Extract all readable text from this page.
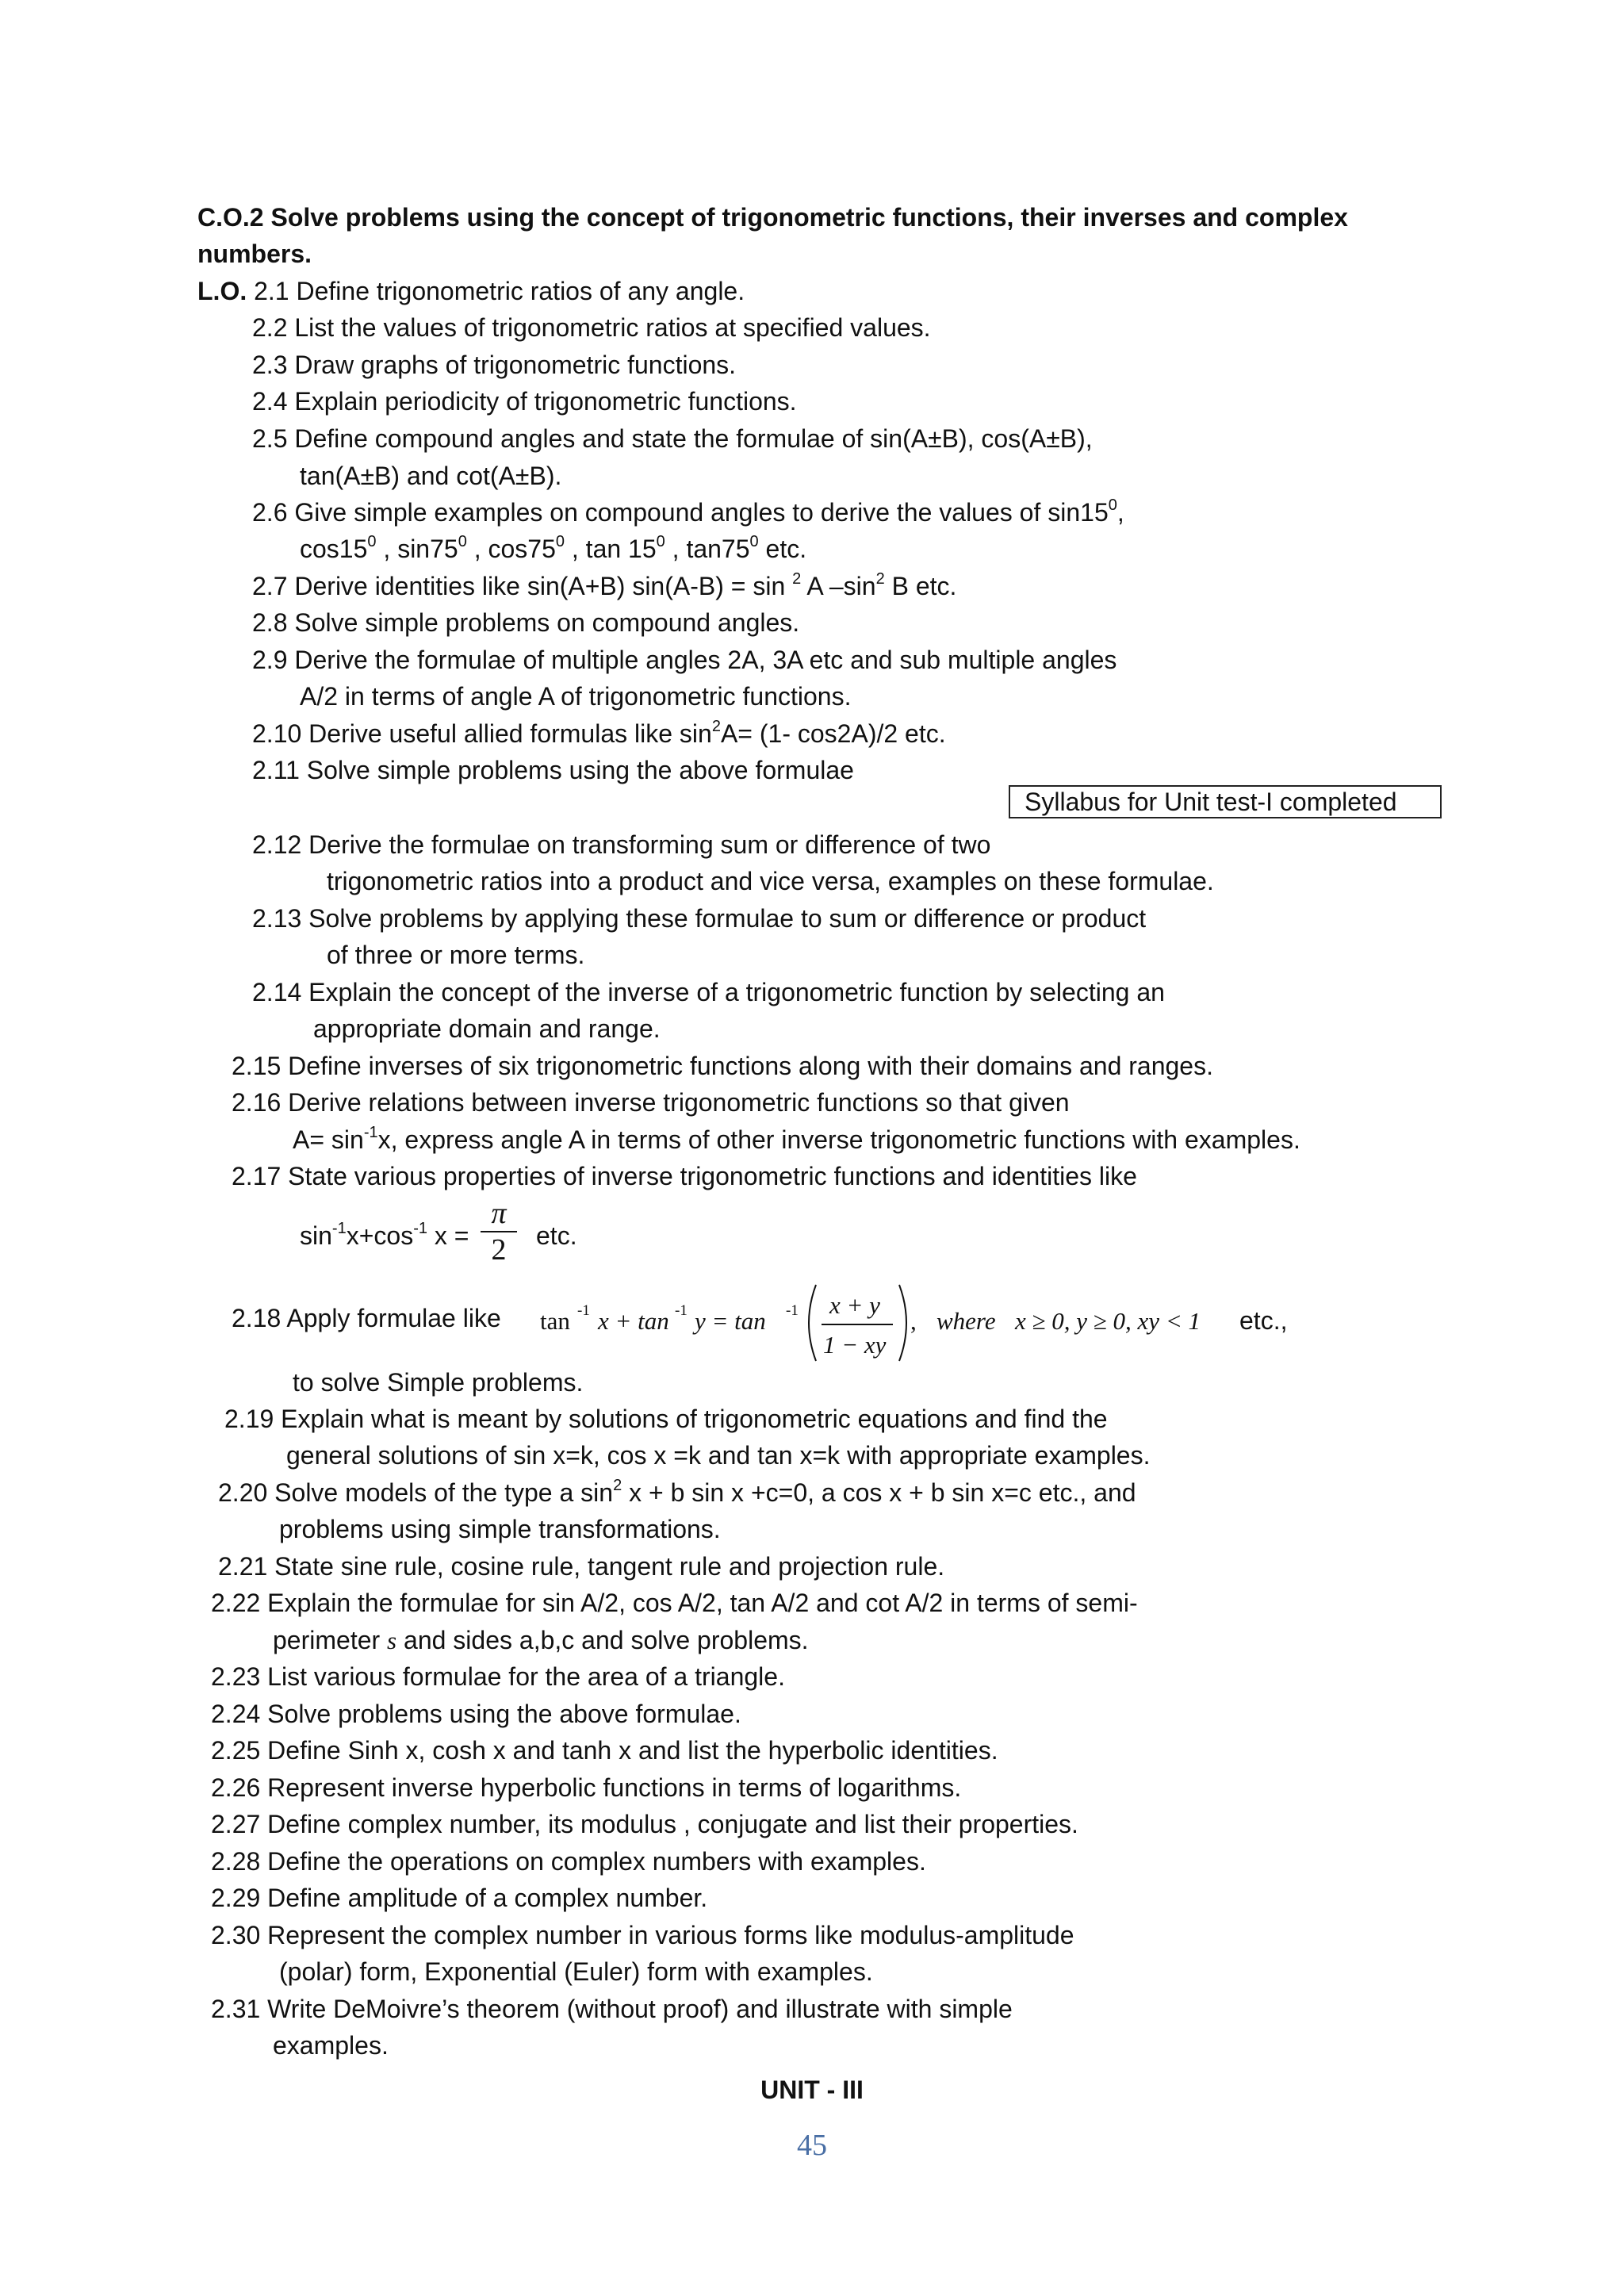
C.O.2 Solve problems using the concept of trigonometric functions, their inverses and complex
numbers.
L.O. 2.1 Define trigonometric ratios of any angle.
2.2 List the values of trigonometric ratios at specified values.
2.3 Draw graphs of trigonometric functions.
2.4 Explain periodicity of trigonometric functions.
2.5 Define compound angles and state the formulae of sin(A±B), cos(A±B),
tan(A±B) and cot(A±B).
2.6 Give simple examples on compound angles to derive the values of $\sin 15^0$,
$\cos 15^0$ , $\sin 75^0$ , $\cos 75^0$ , $\tan 15^0$ , $\tan 75^0$ etc.
2.7 Derive identities like sin(A+B) sin(A-B) = sin $^2$ A $-\sin^2$ B etc.
2.8 Solve simple problems on compound angles.
2.9 Derive the formulae of multiple angles 2A, 3A etc and sub multiple angles
A/2 in terms of angle A of trigonometric functions.
2.10 Derive useful allied formulas like $\sin^2A= (1-$ cos2A)/2 etc.
2.11 Solve simple problems using the above formulae
Syllabus for Unit test-I completed
2.12 Derive the formulae on transforming sum or difference of two
trigonometric ratios into a product and vice versa, examples on these formulae.
2.13 Solve problems by applying these formulae to sum or difference or product
of three or more terms.
2.14 Explain the concept of the inverse of a trigonometric function by selecting an
appropriate domain and range.
2.15 Define inverses of six trigonometric functions along with their domains and ranges.
2.16 Derive relations between inverse trigonometric functions so that given
$A= \sin^{-1}x$, express angle A in terms of other inverse trigonometric functions with examples.
2.17 State various properties of inverse trigonometric functions and identities like
$\sin^{-1}x+\cos^{-1}$ $x = \frac{\pi}{2}$ etc.
2.18 Apply formulae like tan -1 x + tan -1 y = tan -1 x + y
1 − xy
, where x ≥ 0, y ≥ 0, xy < 1 etc.,
to solve Simple problems.
2.19 Explain what is meant by solutions of trigonometric equations and find the
general solutions of sin x=k, cos x =k and tan x=k with appropriate examples.
2.20 Solve models of the type a $\sin^2 x + b$ sin x +c=0, a cos x + b sin x=c etc., and
problems using simple transformations.
2.21 State sine rule, cosine rule, tangent rule and projection rule.
2.22 Explain the formulae for sin A/2, cos A/2, tan A/2 and cot A/2 in terms of semi-
perimeter s and sides a,b,c and solve problems.
2.23 List various formulae for the area of a triangle.
2.24 Solve problems using the above formulae.
2.25 Define Sinh x, cosh x and tanh x and list the hyperbolic identities.
2.26 Represent inverse hyperbolic functions in terms of logarithms.
2.27 Define complex number, its modulus , conjugate and list their properties.
2.28 Define the operations on complex numbers with examples.
2.29 Define amplitude of a complex number.
2.30 Represent the complex number in various forms like modulus-amplitude
(polar) form, Exponential (Euler) form with examples.
2.31 Write DeMoivre’s theorem (without proof) and illustrate with simple
examples.
UNIT - III
45
